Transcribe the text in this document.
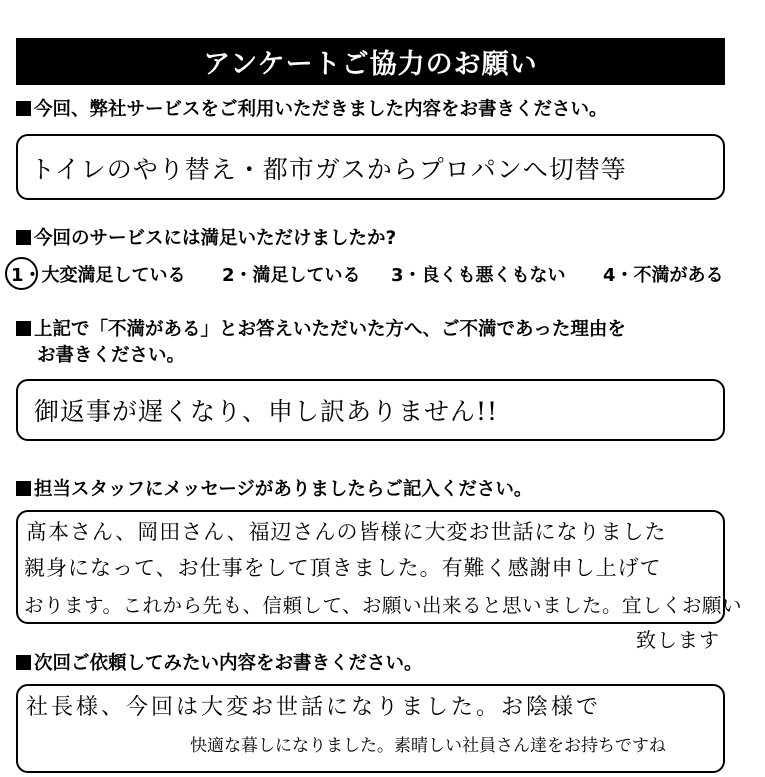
アンケートご協力のお願い
今回、弊社サービスをご利用いただきました内容をお書きください。
トイレのやり替え・都市ガスからプロパンへ切替等
今回のサービスには満足いただけましたか?
1・大変満足している 2・満足している 3・良くも悪くもない 4・不満がある
上記で「不満がある」とお答えいただいた方へ、ご不満であった理由を
お書きください。
御返事が遅くなり、申し訳ありません!!
担当スタッフにメッセージがありましたらご記入ください。
髙本さん、岡田さん、福辺さんの皆様に大変お世話になりました
親身になって、お仕事をして頂きました。有難く感謝申し上げて
おります。これから先も、信頼して、お願い出来ると思いました。宜しくお願い
致します
次回ご依頼してみたい内容をお書きください。
社長様、今回は大変お世話になりました。お陰様で
快適な暮しになりました。素晴しい社員さん達をお持ちですね
